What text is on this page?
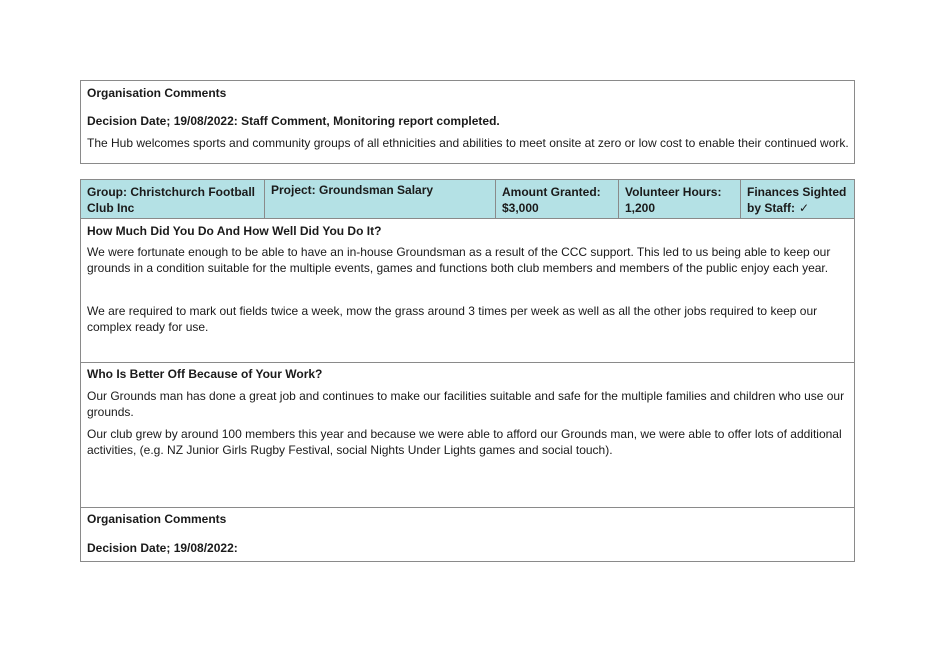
Organisation Comments

Decision Date; 19/08/2022: Staff Comment, Monitoring report completed.

The Hub welcomes sports and community groups of all ethnicities and abilities to meet onsite at zero or low cost to enable their continued work.

Group: Christchurch Football Club Inc
Project: Groundsman Salary	Amount Granted:
$3,000
Volunteer Hours:
1,200
Finances Sighted by Staff: ✓

How Much Did You Do And How Well Did You Do It?

We were fortunate enough to be able to have an in-house Groundsman as a result of the CCC support. This led to us being able to keep our grounds in a condition suitable for the multiple events, games and functions both club members and members of the public enjoy each year.

We are required to mark out fields twice a week, mow the grass around 3 times per week as well as all the other jobs required to keep our complex ready for use.

Who Is Better Off Because of Your Work?

Our Grounds man has done a great job and continues to make our facilities suitable and safe for the multiple families and children who use our grounds.

Our club grew by around 100 members this year and because we were able to afford our Grounds man, we were able to offer lots of additional activities, (e.g. NZ Junior Girls Rugby Festival, social Nights Under Lights games and social touch).

Organisation Comments

Decision Date; 19/08/2022:
